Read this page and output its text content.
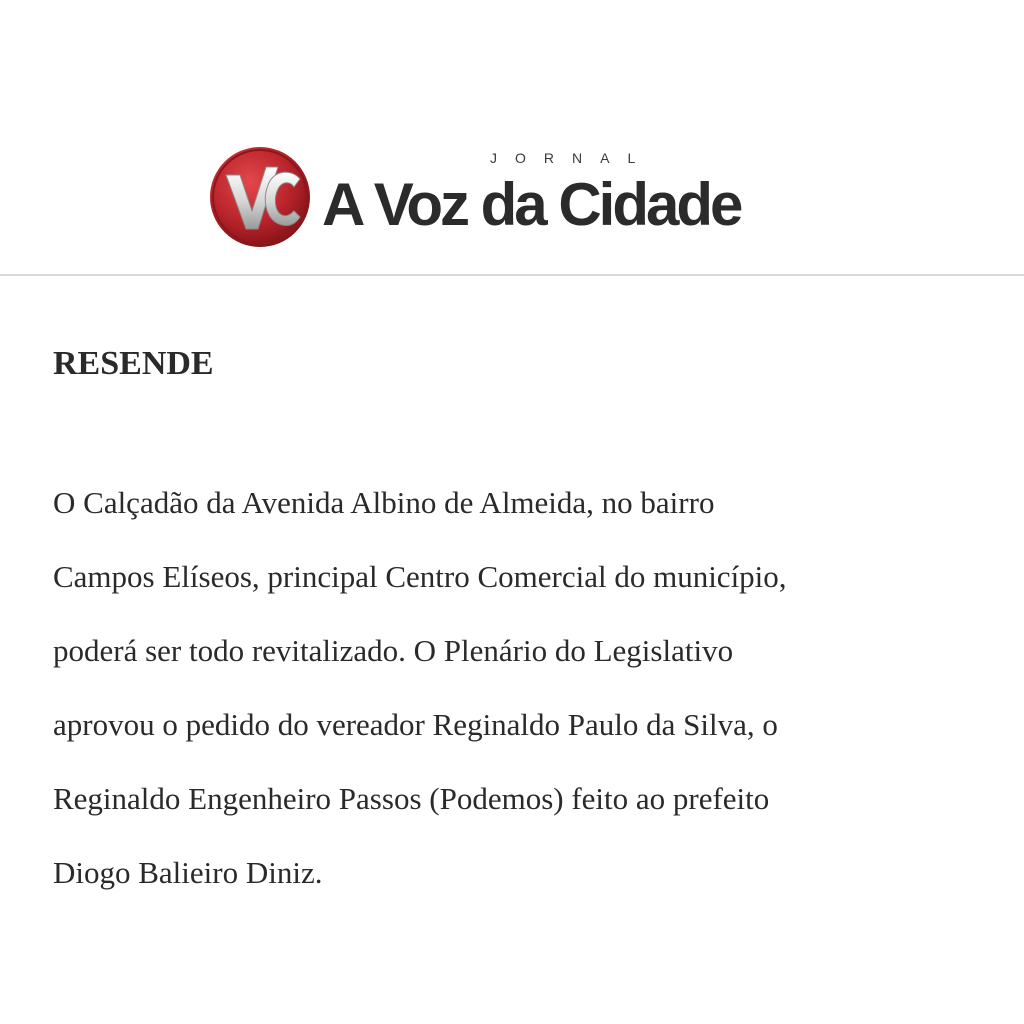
JORNAL
A Voz da Cidade
RESENDE

O Calçadão da Avenida Albino de Almeida, no bairro
Campos Elíseos, principal Centro Comercial do município,
poderá ser todo revitalizado. O Plenário do Legislativo
aprovou o pedido do vereador Reginaldo Paulo da Silva, o
Reginaldo Engenheiro Passos (Podemos) feito ao prefeito
Diogo Balieiro Diniz.
